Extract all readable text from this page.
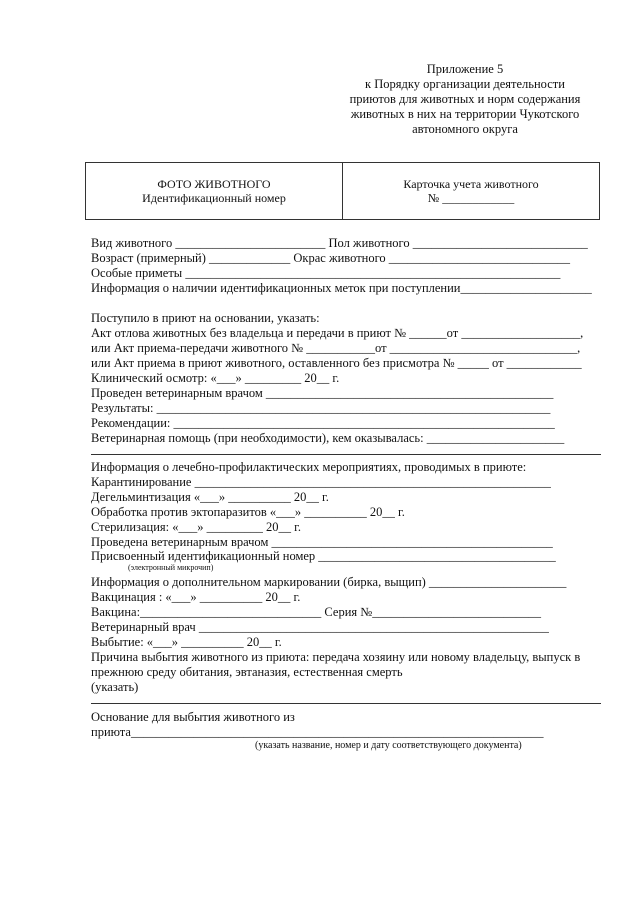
Приложение 5
к Порядку организации деятельности
приютов для животных и норм содержания
животных в них на территории Чукотского
автономного округа
ФОТО ЖИВОТНОГО
Идентификационный номер
Карточка учета животного
№ ____________
Вид животного ________________________ Пол животного ____________________________
Возраст (примерный) _____________ Окрас животного _____________________________
Особые приметы ____________________________________________________________
Информация о наличии идентификационных меток при поступлении_____________________
Поступило в приют на основании, указать:
Акт отлова животных без владельца и передачи в приют № ______от ___________________,
или Акт приема-передачи животного № ___________от ______________________________,
или Акт приема в приют животного, оставленного без присмотра № _____ от ____________
Клинический осмотр: «___» _________ 20__ г.
Проведен ветеринарным врачом ______________________________________________
Результаты: _______________________________________________________________
Рекомендации: _____________________________________________________________
Ветеринарная помощь (при необходимости), кем оказывалась: ______________________
Информация о лечебно-профилактических мероприятиях, проводимых в приюте:
Карантинирование _________________________________________________________
Дегельминтизация «___» __________ 20__ г.
Обработка против эктопаразитов «___» __________ 20__ г.
Стерилизация: «___» _________ 20__ г.
Проведена ветеринарным врачом _____________________________________________
Присвоенный идентификационный номер ______________________________________
(электронный микрочип)
Информация о дополнительном маркировании (бирка, выщип) ______________________
Вакцинация : «___» __________ 20__ г.
Вакцина:_____________________________ Серия №___________________________
Ветеринарный врач ________________________________________________________
Выбытие: «___» __________ 20__ г.
Причина выбытия животного из приюта: передача хозяину или новому владельцу, выпуск в
прежнюю среду обитания, эвтаназия, естественная смерть
(указать)
Основание для выбытия животного из
приюта__________________________________________________________________
(указать название, номер и дату соответствующего документа)
